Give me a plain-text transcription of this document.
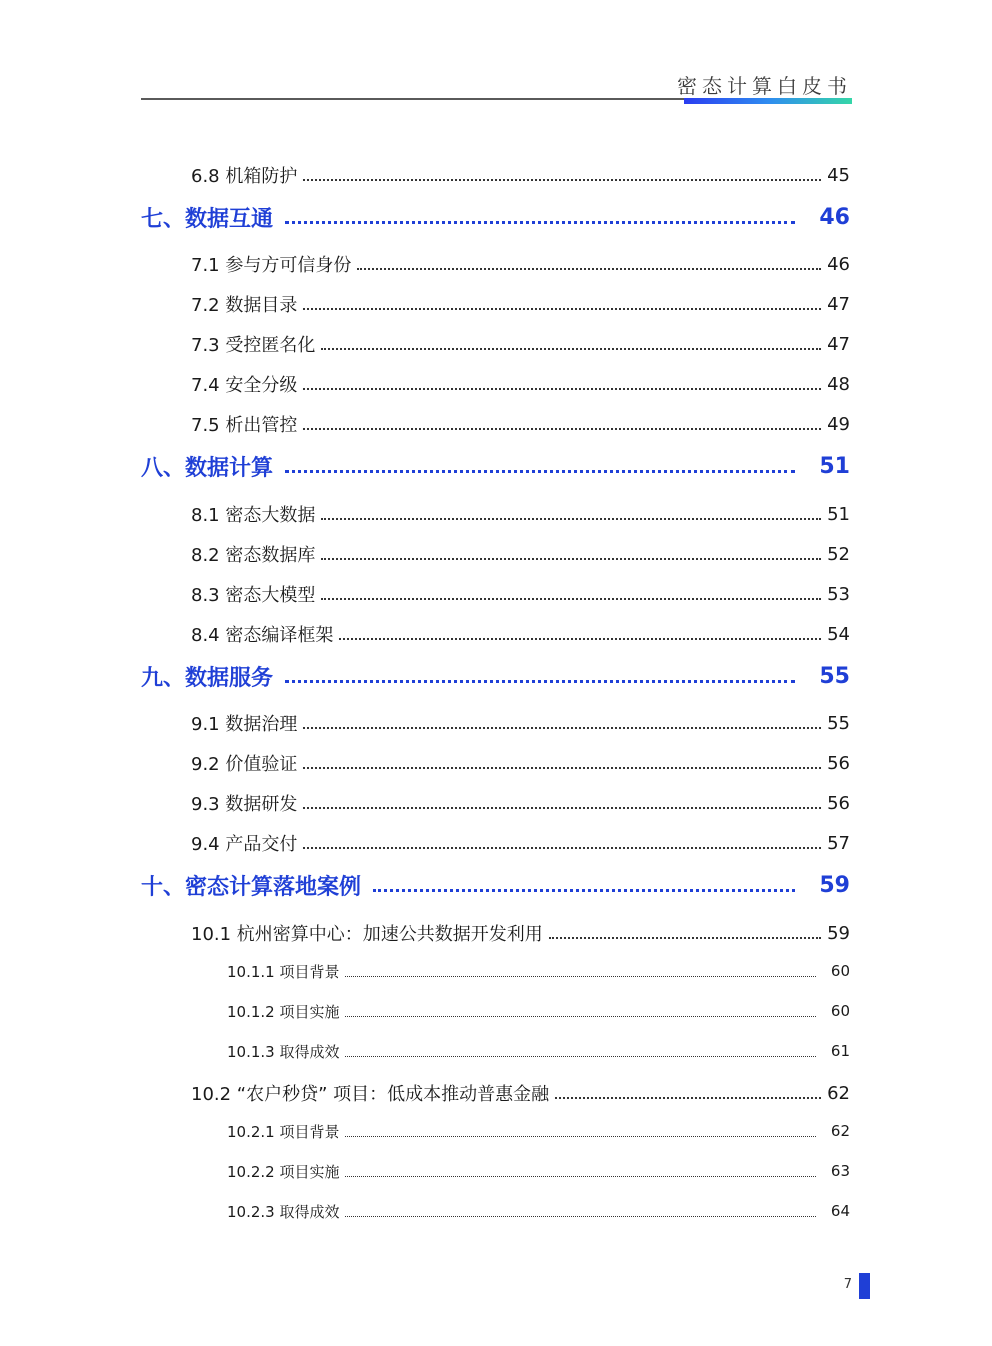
密态计算白皮书
6.8 机箱防护	45
七、数据互通	46
7.1 参与方可信身份	46
7.2 数据目录	47
7.3 受控匿名化	47
7.4 安全分级	48
7.5 析出管控	49
八、数据计算	51
8.1 密态大数据	51
8.2 密态数据库	52
8.3 密态大模型	53
8.4 密态编译框架	54
九、数据服务	55
9.1 数据治理	55
9.2 价值验证	56
9.3 数据研发	56
9.4 产品交付	57
十、密态计算落地案例	59
10.1 杭州密算中心：加速公共数据开发利用	59
10.1.1 项目背景	60
10.1.2 项目实施	60
10.1.3 取得成效	61
10.2 “农户秒贷” 项目：低成本推动普惠金融	62
10.2.1 项目背景	62
10.2.2 项目实施	63
10.2.3 取得成效	64
7
